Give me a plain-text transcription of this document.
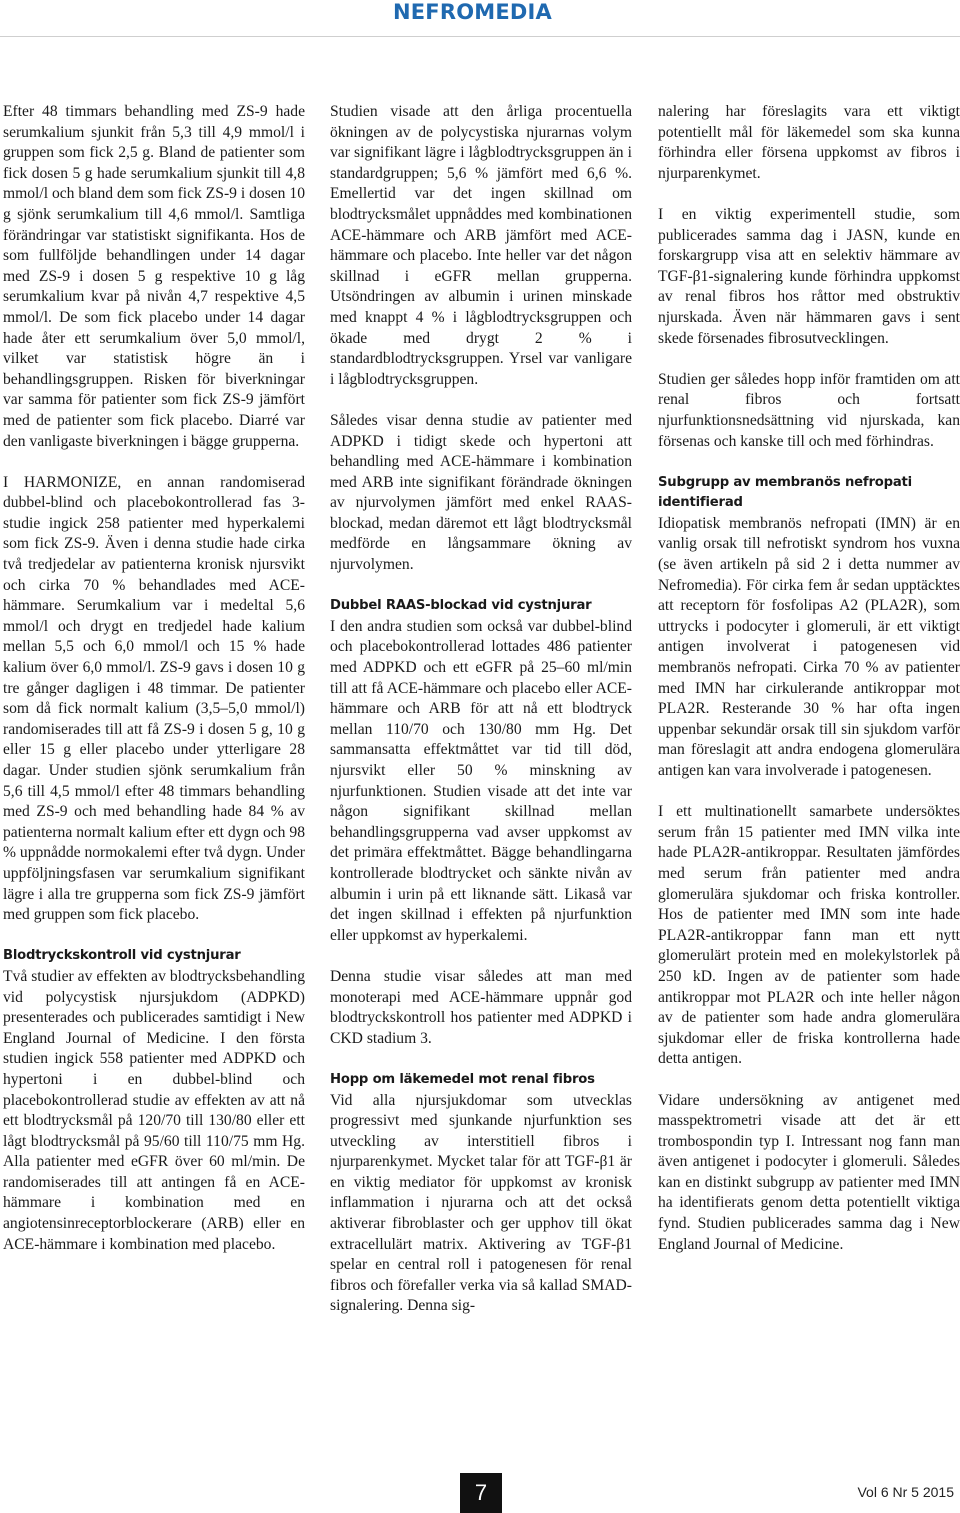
NEFROMEDIA

Efter 48 timmars behandling med ZS-9 hade serumkalium sjunkit från 5,3 till 4,9 mmol/l i gruppen som fick 2,5 g. Bland de patienter som fick dosen 5 g hade serumkalium sjunkit till 4,8 mmol/l och bland dem som fick ZS-9 i dosen 10 g sjönk serumkalium till 4,6 mmol/l. Samtliga förändringar var statistiskt signifikanta. Hos de som fullföljde behandlingen under 14 dagar med ZS-9 i dosen 5 g respektive 10 g låg serumkalium kvar på nivån 4,7 respektive 4,5 mmol/l. De som fick placebo under 14 dagar hade åter ett serumkalium över 5,0 mmol/l, vilket var statistisk högre än i behandlingsgruppen. Risken för biverkningar var samma för patienter som fick ZS-9 jämfört med de patienter som fick placebo. Diarré var den vanligaste biverkningen i bägge grupperna.

I HARMONIZE, en annan randomiserad dubbel-blind och placebokontrollerad fas 3-studie ingick 258 patienter med hyperkalemi som fick ZS-9. Även i denna studie hade cirka två tredjedelar av patienterna kronisk njursvikt och cirka 70 % behandlades med ACE-hämmare. Serumkalium var i medeltal 5,6 mmol/l och drygt en tredjedel hade kalium mellan 5,5 och 6,0 mmol/l och 15 % hade kalium över 6,0 mmol/l. ZS-9 gavs i dosen 10 g tre gånger dagligen i 48 timmar. De patienter som då fick normalt kalium (3,5–5,0 mmol/l) randomiserades till att få ZS-9 i dosen 5 g, 10 g eller 15 g eller placebo under ytterligare 28 dagar. Under studien sjönk serumkalium från 5,6 till 4,5 mmol/l efter 48 timmars behandling med ZS-9 och med behandling hade 84 % av patienterna normalt kalium efter ett dygn och 98 % uppnådde normokalemi efter två dygn. Under uppföljningsfasen var serumkalium signifikant lägre i alla tre grupperna som fick ZS-9 jämfört med gruppen som fick placebo.

Blodtryckskontroll vid cystnjurar

Två studier av effekten av blodtrycksbehandling vid polycystisk njursjukdom (ADPKD) presenterades och publicerades samtidigt i New England Journal of Medicine. I den första studien ingick 558 patienter med ADPKD och hypertoni i en dubbel-blind och placebokontrollerad studie av effekten av att nå ett blodtrycksmål på 120/70 till 130/80 eller ett lågt blodtrycksmål på 95/60 till 110/75 mm Hg. Alla patienter med eGFR över 60 ml/min. De randomiserades till att antingen få en ACE-hämmare i kombination med en angiotensinreceptorblockerare (ARB) eller en ACE-hämmare i kombination med placebo.

Studien visade att den årliga procentuella ökningen av de polycystiska njurarnas volym var signifikant lägre i lågblodtrycksgruppen än i standardgruppen; 5,6 % jämfört med 6,6 %. Emellertid var det ingen skillnad om blodtrycksmålet uppnåddes med kombinationen ACE-hämmare och ARB jämfört med ACE-hämmare och placebo. Inte heller var det någon skillnad i eGFR mellan grupperna. Utsöndringen av albumin i urinen minskade med knappt 4 % i lågblodtrycksgruppen och ökade med drygt 2 % i standardblodtrycksgruppen. Yrsel var vanligare i lågblodtrycksgruppen.

Således visar denna studie av patienter med ADPKD i tidigt skede och hypertoni att behandling med ACE-hämmare i kombination med ARB inte signifikant förändrade ökningen av njurvolymen jämfört med enkel RAAS-blockad, medan däremot ett lågt blodtrycksmål medförde en långsammare ökning av njurvolymen.

Dubbel RAAS-blockad vid cystnjurar

I den andra studien som också var dubbel-blind och placebokontrollerad lottades 486 patienter med ADPKD och ett eGFR på 25–60 ml/min till att få ACE-hämmare och placebo eller ACE-hämmare och ARB för att nå ett blodtryck mellan 110/70 och 130/80 mm Hg. Det sammansatta effektmåttet var tid till död, njursvikt eller 50 % minskning av njurfunktionen. Studien visade att det inte var någon signifikant skillnad mellan behandlingsgrupperna vad avser uppkomst av det primära effektmåttet. Bägge behandlingarna kontrollerade blodtrycket och sänkte nivån av albumin i urin på ett liknande sätt. Likaså var det ingen skillnad i effekten på njurfunktion eller uppkomst av hyperkalemi.

Denna studie visar således att man med monoterapi med ACE-hämmare uppnår god blodtryckskontroll hos patienter med ADPKD i CKD stadium 3.

Hopp om läkemedel mot renal fibros

Vid alla njursjukdomar som utvecklas progressivt med sjunkande njurfunktion ses utveckling av interstitiell fibros i njurparenkymet. Mycket talar för att TGF-β1 är en viktig mediator för uppkomst av kronisk inflammation i njurarna och att det också aktiverar fibroblaster och ger upphov till ökat extracellulärt matrix. Aktivering av TGF-β1 spelar en central roll i patogenesen för renal fibros och förefaller verka via så kallad SMAD-signalering. Denna sig-

nalering har föreslagits vara ett viktigt potentiellt mål för läkemedel som ska kunna förhindra eller försena uppkomst av fibros i njurparenkymet.

I en viktig experimentell studie, som publicerades samma dag i JASN, kunde en forskargrupp visa att en selektiv hämmare av TGF-β1-signalering kunde förhindra uppkomst av renal fibros hos råttor med obstruktiv njurskada. Även när hämmaren gavs i sent skede försenades fibrosutvecklingen.

Studien ger således hopp inför framtiden om att renal fibros och fortsatt njurfunktionsnedsättning vid njurskada, kan försenas och kanske till och med förhindras.

Subgrupp av membranös nefropati identifierad

Idiopatisk membranös nefropati (IMN) är en vanlig orsak till nefrotiskt syndrom hos vuxna (se även artikeln på sid 2 i detta nummer av Nefromedia). För cirka fem år sedan upptäcktes att receptorn för fosfolipas A2 (PLA2R), som uttrycks i podocyter i glomeruli, är ett viktigt antigen involverat i patogenesen vid membranös nefropati. Cirka 70 % av patienter med IMN har cirkulerande antikroppar mot PLA2R. Resterande 30 % har ofta ingen uppenbar sekundär orsak till sin sjukdom varför man föreslagit att andra endogena glomerulära antigen kan vara involverade i patogenesen.

I ett multinationellt samarbete undersöktes serum från 15 patienter med IMN vilka inte hade PLA2R-antikroppar. Resultaten jämfördes med serum från patienter med andra glomerulära sjukdomar och friska kontroller. Hos de patienter med IMN som inte hade PLA2R-antikroppar fann man ett nytt glomerulärt protein med en molekylstorlek på 250 kD. Ingen av de patienter som hade antikroppar mot PLA2R och inte heller någon av de patienter som hade andra glomerulära sjukdomar eller de friska kontrollerna hade detta antigen.

Vidare undersökning av antigenet med masspektrometri visade att det är ett trombospondin typ I. Intressant nog fann man även antigenet i podocyter i glomeruli. Således kan en distinkt subgrupp av patienter med IMN ha identifierats genom detta potentiellt viktiga fynd. Studien publicerades samma dag i New England Journal of Medicine.

7	Vol 6 Nr 5 2015
